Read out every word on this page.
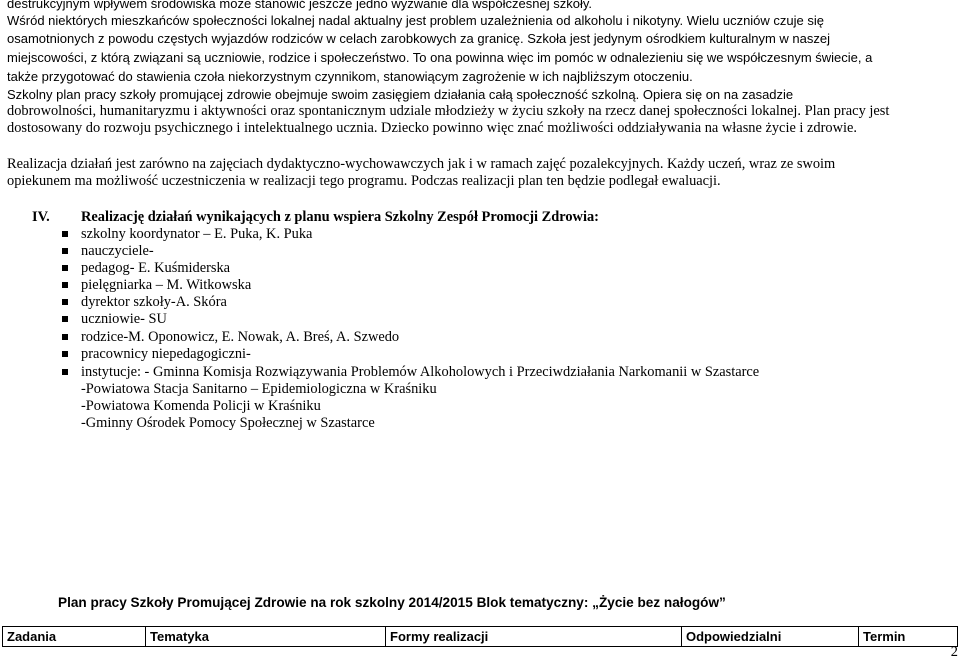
destrukcyjnym wpływem środowiska może stanowić jeszcze jedno wyzwanie dla współczesnej szkoły.
Wśród niektórych mieszkańców społeczności lokalnej nadal aktualny jest problem uzależnienia od alkoholu i nikotyny. Wielu uczniów czuje się
osamotnionych z powodu częstych wyjazdów rodziców w celach zarobkowych za granicę. Szkoła jest jedynym ośrodkiem kulturalnym w naszej
miejscowości, z którą związani są uczniowie, rodzice i społeczeństwo. To ona powinna więc im pomóc w odnalezieniu się we współczesnym świecie, a
także przygotować do stawienia czoła niekorzystnym czynnikom, stanowiącym zagrożenie w ich najbliższym otoczeniu.
Szkolny plan pracy szkoły promującej zdrowie obejmuje swoim zasięgiem działania całą społeczność szkolną. Opiera się on na zasadzie
dobrowolności, humanitaryzmu i aktywności oraz spontanicznym udziale młodzieży w życiu szkoły na rzecz danej społeczności lokalnej. Plan pracy jest
dostosowany do rozwoju psychicznego i intelektualnego ucznia. Dziecko powinno więc znać możliwości oddziaływania na własne życie i zdrowie.
Realizacja działań jest zarówno na zajęciach dydaktyczno-wychowawczych jak i w ramach zajęć pozalekcyjnych. Każdy uczeń, wraz ze swoim
opiekunem ma możliwość uczestniczenia w realizacji tego programu. Podczas realizacji plan ten będzie podlegał ewaluacji.
IV. Realizację działań wynikających z planu wspiera Szkolny Zespół Promocji Zdrowia:
szkolny koordynator – E. Puka, K. Puka
nauczyciele-
pedagog- E. Kuśmiderska
pielęgniarka – M. Witkowska
dyrektor szkoły-A. Skóra
uczniowie- SU
rodzice-M. Oponowicz, E. Nowak, A. Breś, A. Szwedo
pracownicy niepedagogiczni-
instytucje: - Gminna Komisja Rozwiązywania Problemów Alkoholowych i Przeciwdziałania Narkomanii w Szastarce
-Powiatowa Stacja Sanitarno – Epidemiologiczna w Kraśniku
-Powiatowa Komenda Policji w Kraśniku
-Gminny Ośrodek Pomocy Społecznej w Szastarce
Plan pracy Szkoły Promującej Zdrowie na rok szkolny 2014/2015 Blok tematyczny: „Życie bez nałogów”
Zadania	Tematyka	Formy realizacji	Odpowiedzialni	Termin
2
